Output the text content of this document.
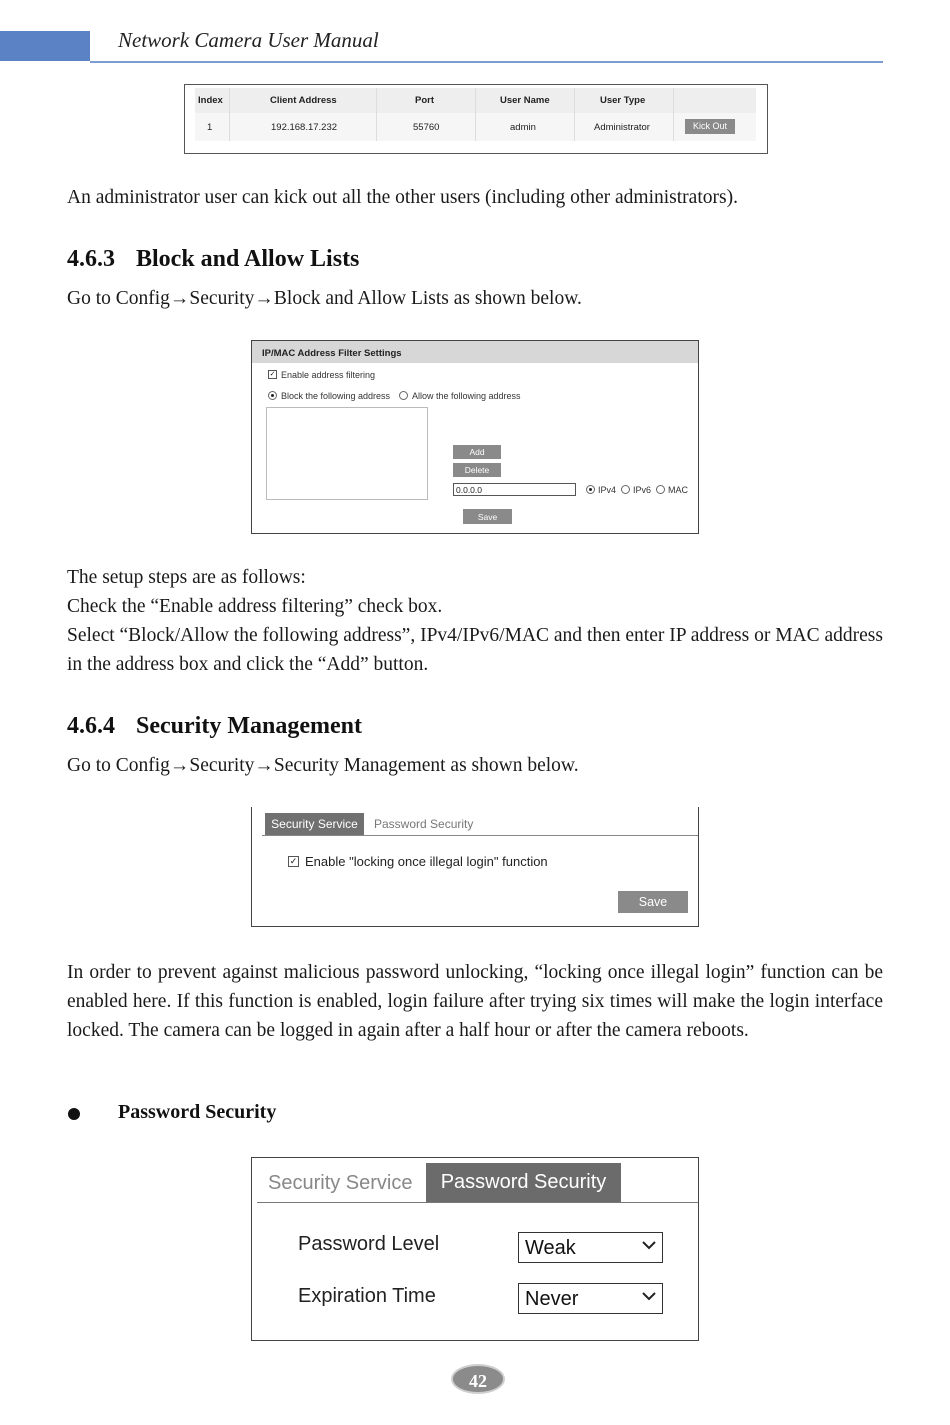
Network Camera User Manual
Index	Client Address	Port	User Name	User Type
1	192.168.17.232	55760	admin	Administrator	Kick Out
An administrator user can kick out all the other users (including other administrators).
4.6.3 Block and Allow Lists
Go to Config→Security→Block and Allow Lists as shown below.
IP/MAC Address Filter Settings
✓ Enable address filtering
Block the following address Allow the following address
Add
Delete
0.0.0.0	IPv4 IPv6 MAC
Save
The setup steps are as follows:
Check the “Enable address filtering” check box.
Select “Block/Allow the following address”, IPv4/IPv6/MAC and then enter IP address or MAC address in the address box and click the “Add” button.
4.6.4 Security Management
Go to Config→Security→Security Management as shown below.
Security Service	Password Security
✓ Enable "locking once illegal login" function
Save
In order to prevent against malicious password unlocking, “locking once illegal login” function can be enabled here. If this function is enabled, login failure after trying six times will make the login interface locked. The camera can be logged in again after a half hour or after the camera reboots.
Password Security
Security Service	Password Security
Password Level	Weak
Expiration Time	Never
42
